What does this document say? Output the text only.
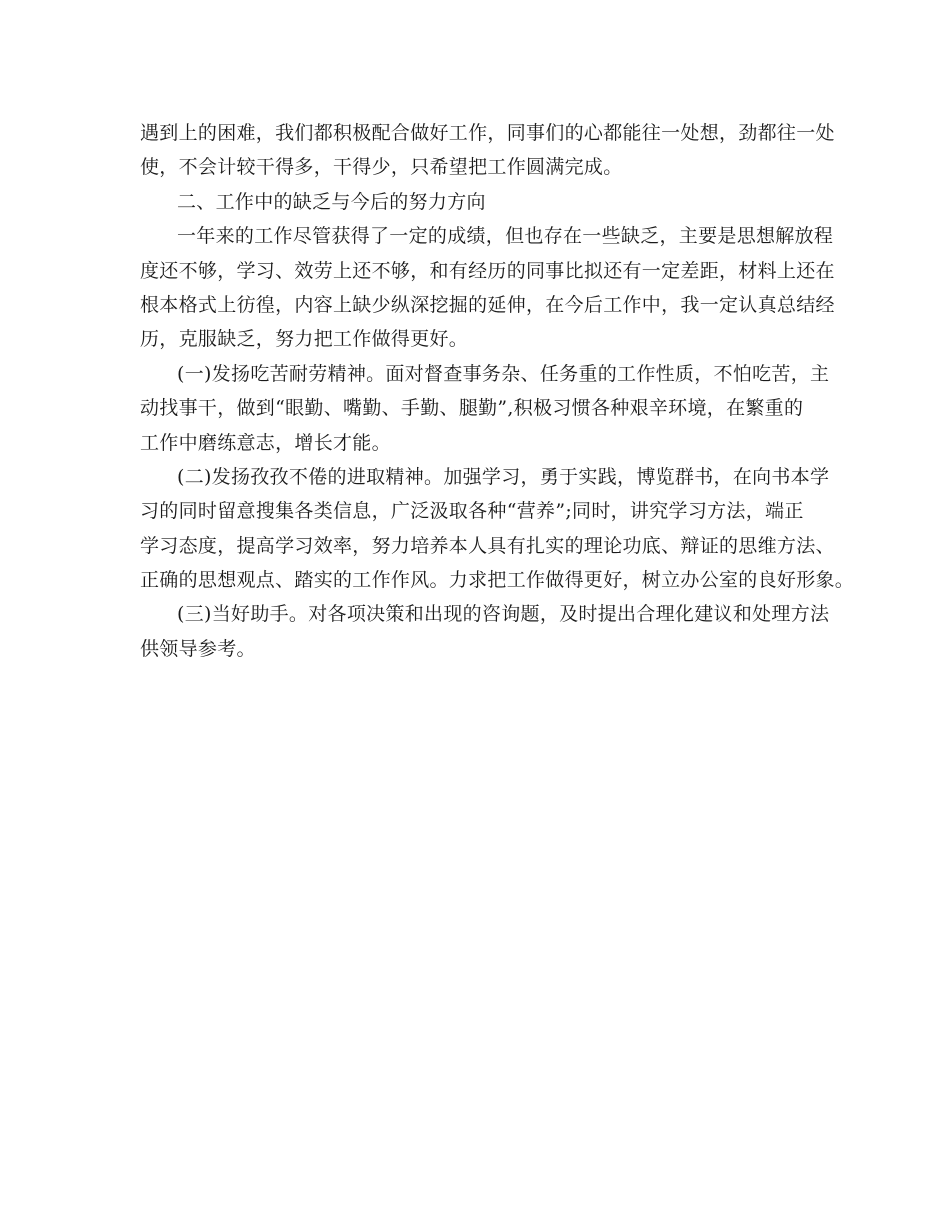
遇到上的困难，我们都积极配合做好工作，同事们的心都能往一处想，劲都往一处
使，不会计较干得多，干得少，只希望把工作圆满完成。
二、工作中的缺乏与今后的努力方向
一年来的工作尽管获得了一定的成绩，但也存在一些缺乏，主要是思想解放程
度还不够，学习、效劳上还不够，和有经历的同事比拟还有一定差距，材料上还在
根本格式上彷徨，内容上缺少纵深挖掘的延伸，在今后工作中，我一定认真总结经
历，克服缺乏，努力把工作做得更好。
(一)发扬吃苦耐劳精神。面对督查事务杂、任务重的工作性质，不怕吃苦，主
动找事干，做到“眼勤、嘴勤、手勤、腿勤”,积极习惯各种艰辛环境，在繁重的
工作中磨练意志，增长才能。
(二)发扬孜孜不倦的进取精神。加强学习，勇于实践，博览群书，在向书本学
习的同时留意搜集各类信息，广泛汲取各种“营养”;同时，讲究学习方法，端正
学习态度，提高学习效率，努力培养本人具有扎实的理论功底、辩证的思维方法、
正确的思想观点、踏实的工作作风。力求把工作做得更好，树立办公室的良好形象。
(三)当好助手。对各项决策和出现的咨询题，及时提出合理化建议和处理方法
供领导参考。
